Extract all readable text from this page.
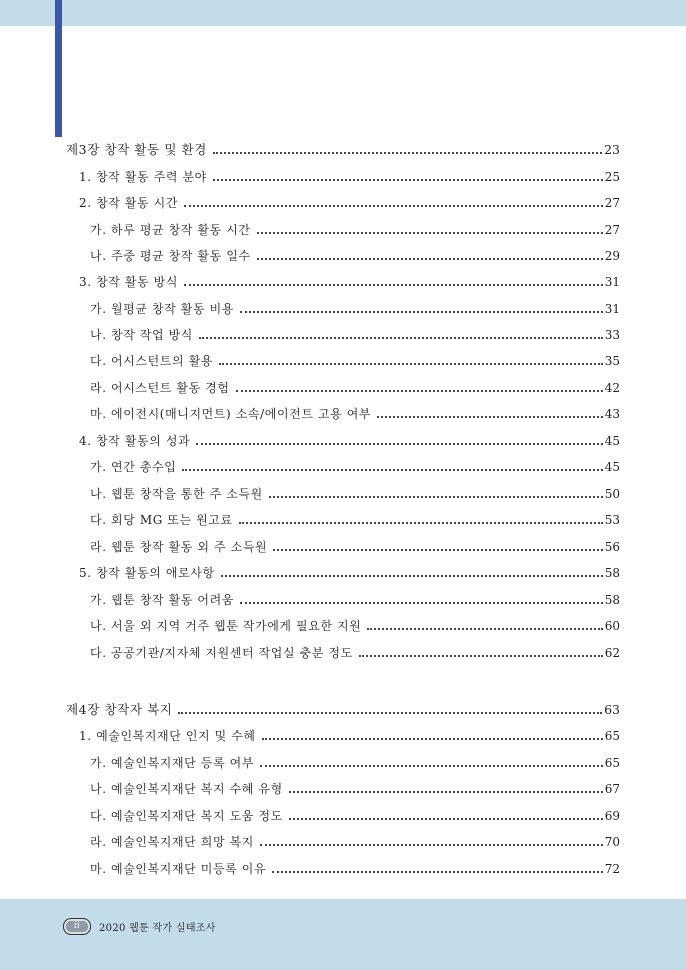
제3장 창작 활동 및 환경	23
1. 창작 활동 주력 분야	25
2. 창작 활동 시간	27
가. 하루 평균 창작 활동 시간	27
나. 주중 평균 창작 활동 일수	29
3. 창작 활동 방식	31
가. 월평균 창작 활동 비용	31
나. 창작 작업 방식	33
다. 어시스턴트의 활용	35
라. 어시스턴트 활동 경험	42
마. 에이전시(매니지먼트) 소속/에이전트 고용 여부	43
4. 창작 활동의 성과	45
가. 연간 총수입	45
나. 웹툰 창작을 통한 주 소득원	50
다. 회당 MG 또는 원고료	53
라. 웹툰 창작 활동 외 주 소득원	56
5. 창작 활동의 애로사항	58
가. 웹툰 창작 활동 어려움	58
나. 서울 외 지역 거주 웹툰 작가에게 필요한 지원	60
다. 공공기관/지자체 지원센터 작업실 충분 정도	62
제4장 창작자 복지	63
1. 예술인복지재단 인지 및 수혜	65
가. 예술인복지재단 등록 여부	65
나. 예술인복지재단 복지 수혜 유형	67
다. 예술인복지재단 복지 도움 정도	69
라. 예술인복지재단 희망 복지	70
마. 예술인복지재단 미등록 이유	72
ii	2020 웹툰 작가 실태조사
